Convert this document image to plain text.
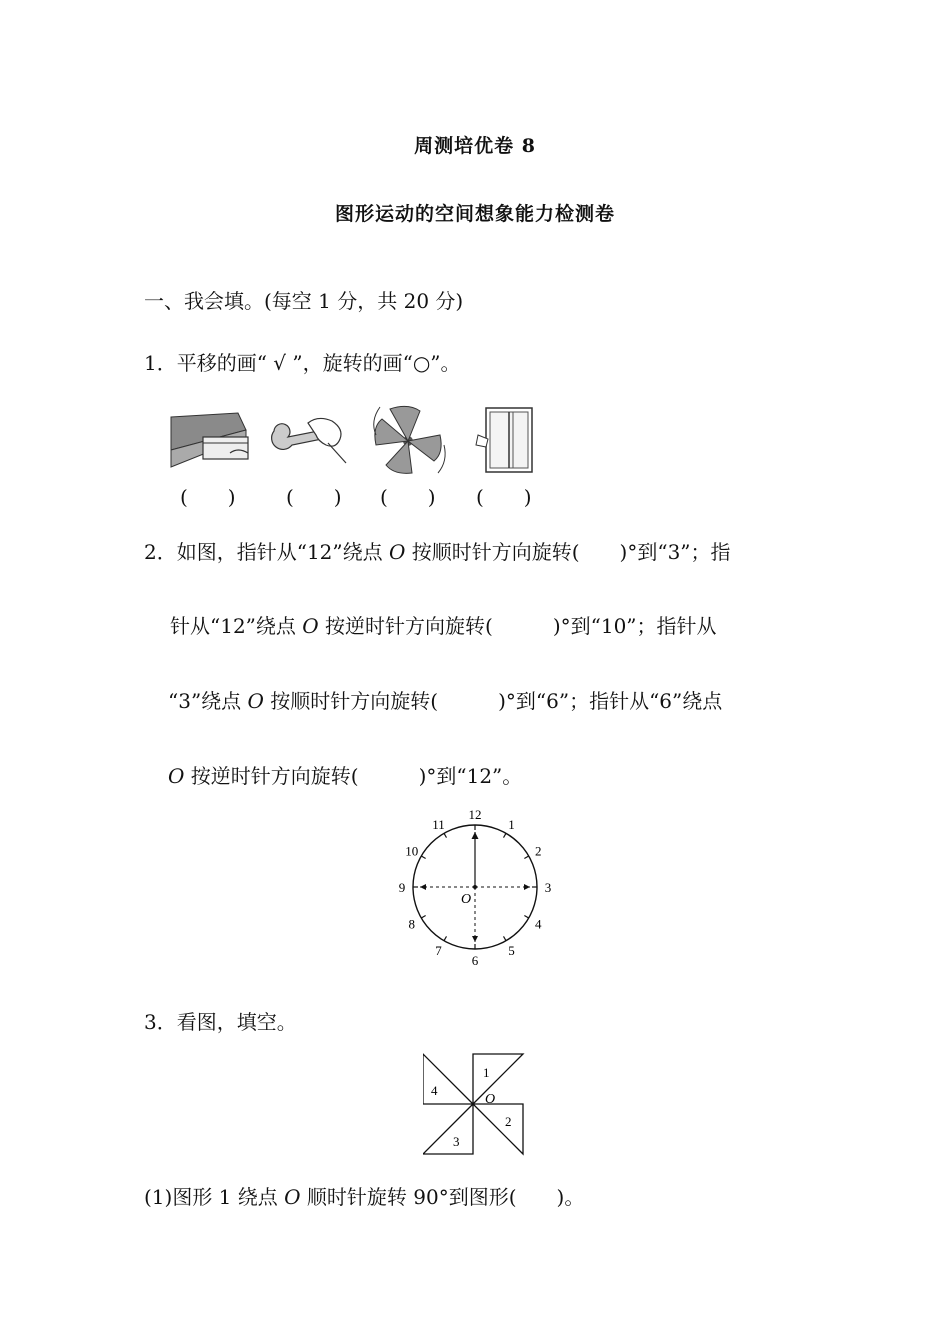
周测培优卷 8
图形运动的空间想象能力检测卷
一、我会填。(每空 1 分，共 20 分)
1．平移的画“ √ ”，旋转的画“○”。
(　　)	(　　) (　　) (　　)
2．如图，指针从“12”绕点 O 按顺时针方向旋转(　　)°到“3”；指
针从“12”绕点 O 按逆时针方向旋转(　　　)°到“10”；指针从
“3”绕点 O 按顺时针方向旋转(　　　)°到“6”；指针从“6”绕点
O 按逆时针方向旋转(　　　)°到“12”。
O
12
1
2
3
4
5
6
7
8
9
10
11
3．看图，填空。
1
2
3
4
O
(1)图形 1 绕点 O 顺时针旋转 90°到图形(　　)。
